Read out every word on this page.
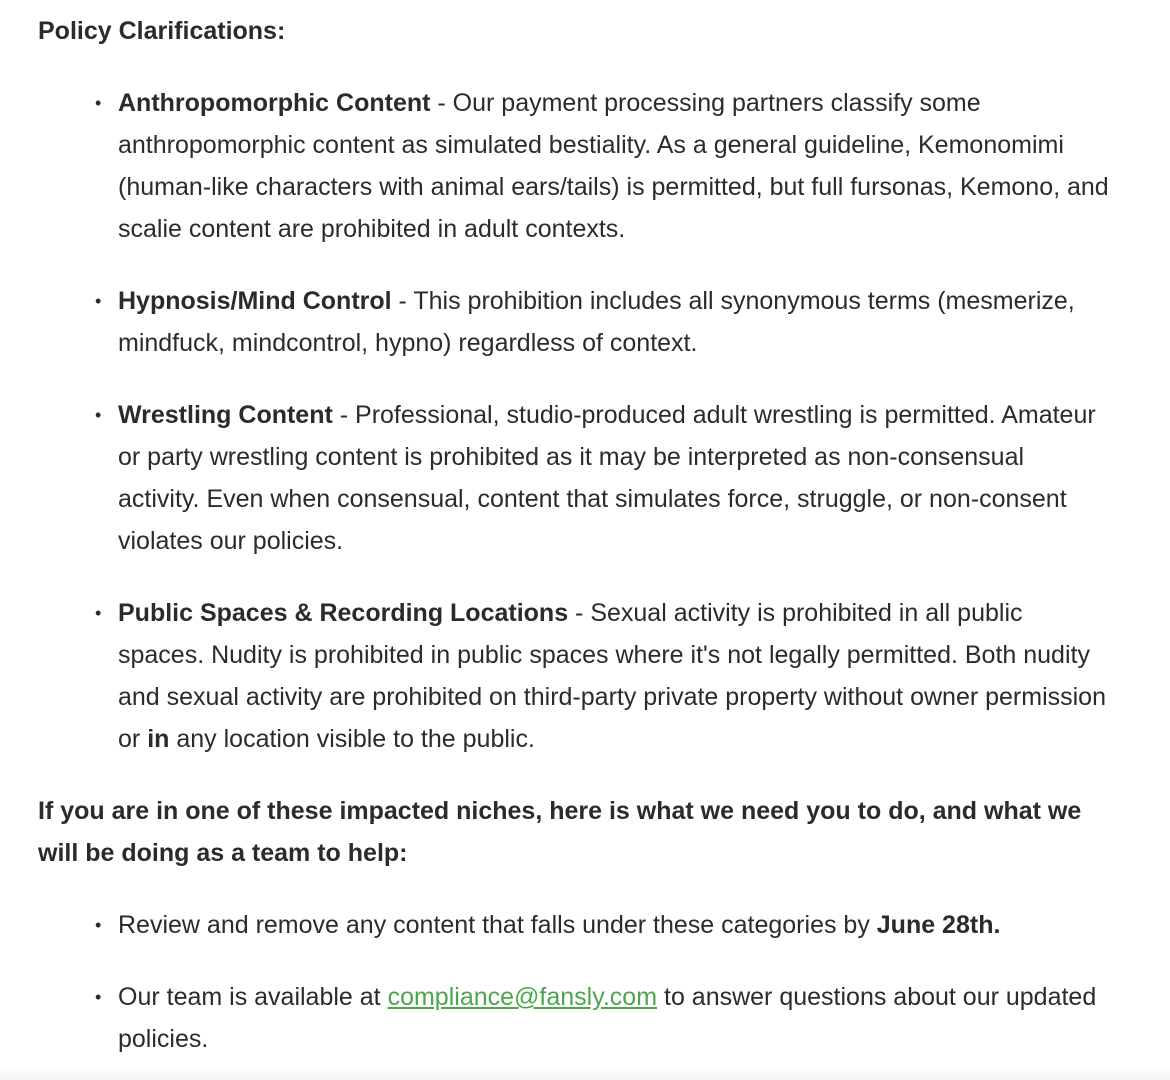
Policy Clarifications:
• Anthropomorphic Content - Our payment processing partners classify some anthropomorphic content as simulated bestiality. As a general guideline, Kemonomimi (human-like characters with animal ears/tails) is permitted, but full fursonas, Kemono, and scalie content are prohibited in adult contexts.
• Hypnosis/Mind Control - This prohibition includes all synonymous terms (mesmerize, mindfuck, mindcontrol, hypno) regardless of context.
• Wrestling Content - Professional, studio-produced adult wrestling is permitted. Amateur or party wrestling content is prohibited as it may be interpreted as non-consensual activity. Even when consensual, content that simulates force, struggle, or non-consent violates our policies.
• Public Spaces & Recording Locations - Sexual activity is prohibited in all public spaces. Nudity is prohibited in public spaces where it's not legally permitted. Both nudity and sexual activity are prohibited on third-party private property without owner permission or in any location visible to the public.
If you are in one of these impacted niches, here is what we need you to do, and what we will be doing as a team to help:
• Review and remove any content that falls under these categories by June 28th.
• Our team is available at compliance@fansly.com to answer questions about our updated policies.
